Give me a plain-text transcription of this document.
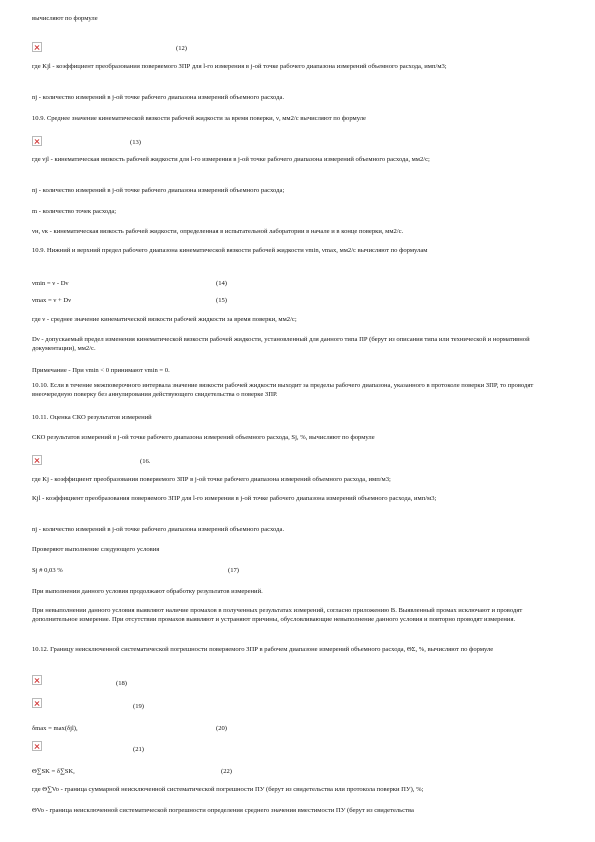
вычисляют по формуле
(12)
где Kjl - коэффициент преобразования поверяемого ЗПР для l-го измерения в j-ой точке рабочего диапазона измерений объемного расхода, имп/м3;
nj - количество измерений в j-ой точке рабочего диапазона измерений объемного расхода.
10.9. Среднее значение кинематической вязкости рабочей жидкости за время поверки, ν, мм2/с вычисляют по формуле
(13)
где νjl - кинематическая вязкость рабочей жидкости для l-го измерения в j-ой точке рабочего диапазона измерений объемного расхода, мм2/с;
nj - количество измерений в j-ой точке рабочего диапазона измерений объемного расхода;
m - количество точек расхода;
νн, νк - кинематическая вязкость рабочей жидкости, определенная в испытательной лаборатории в начале и в конце поверки, мм2/с.
10.9. Нижний и верхний предел рабочего диапазона кинематической вязкости рабочей жидкости νmin, νmax, мм2/с вычисляют по формулам
νmin = ν - Dν	(14)
νmax = ν + Dν	(15)
где ν - среднее значение кинематической вязкости рабочей жидкости за время поверки, мм2/с;
Dν - допускаемый предел изменения кинематической вязкости рабочей жидкости, установленный для данного типа ПР (берут из описания типа или технической и нормативной документации), мм2/с.
Примечание - При νmin < 0 принимают νmin = 0.
10.10. Если в течение межповерочного интервала значение вязкости рабочей жидкости выходит за пределы рабочего диапазона, указанного в протоколе поверки ЗПР, то проводят внеочередную поверку без аннулирования действующего свидетельства о поверке ЗПР.
10.11. Оценка СКО результатов измерений
СКО результатов измерений в j-ой точке рабочего диапазона измерений объемного расхода, Sj, %, вычисляют по формуле
(16.
где Kj - коэффициент преобразования поверяемого ЗПР в j-ой точке рабочего диапазона измерений объемного расхода, имп/м3;
Kjl - коэффициент преобразования поверяемого ЗПР для l-го измерения в j-ой точке рабочего диапазона измерений объемного расхода, имп/м3;
nj - количество измерений в j-ой точке рабочего диапазона измерений объемного расхода.
Проверяют выполнение следующего условия
Sj # 0,03 %	(17)
При выполнении данного условия продолжают обработку результатов измерений.
При невыполнении данного условия выявляют наличие промахов в полученных результатах измерений, согласно приложению В. Выявленный промах исключают и проводят дополнительное измерение. При отсутствии промахов выявляют и устраняют причины, обусловливающие невыполнение данного условия и повторно проводят измерения.
10.12. Границу неисключенной систематической погрешности поверяемого ЗПР в рабочем диапазоне измерений объемного расхода, ΘΣ, %, вычисляют по формуле
(18)
(19)
δmax = max(δjl),	(20)
(21)
Θ∑SK = δ∑SK,	(22)
где Θ∑Vo - граница суммарной неисключенной систематической погрешности ПУ (берут из свидетельства или протокола поверки ПУ), %;
ΘVo - граница неисключенной систематической погрешности определения среднего значения вместимости ПУ (берут из свидетельства
